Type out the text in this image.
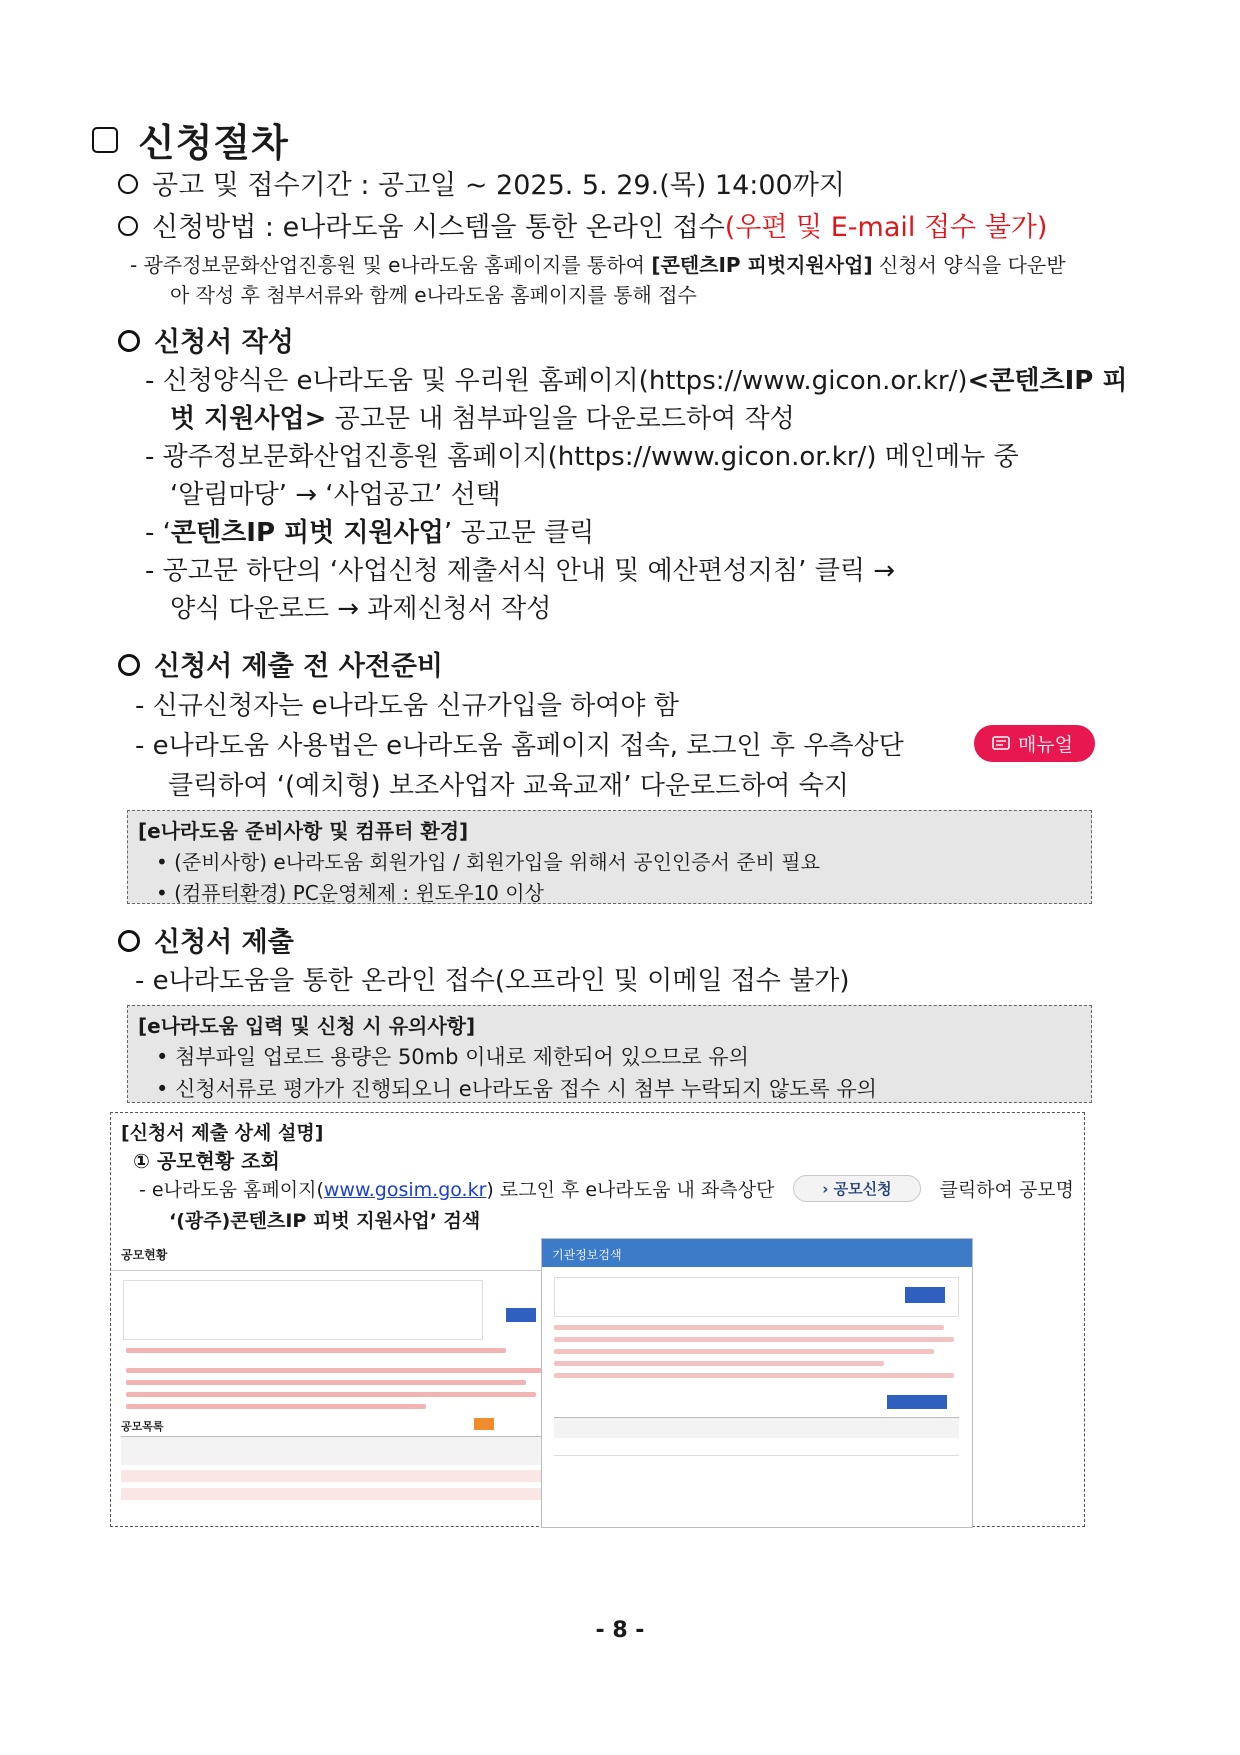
신청절차
공고 및 접수기간 : 공고일 ~ 2025. 5. 29.(목) 14:00까지
신청방법 : e나라도움 시스템을 통한 온라인 접수(우편 및 E-mail 접수 불가)
- 광주정보문화산업진흥원 및 e나라도움 홈페이지를 통하여 [콘텐츠IP 피벗지원사업] 신청서 양식을 다운받
아 작성 후 첨부서류와 함께 e나라도움 홈페이지를 통해 접수
신청서 작성
- 신청양식은 e나라도움 및 우리원 홈페이지(https://www.gicon.or.kr/) <콘텐츠IP 피
벗 지원사업> 공고문 내 첨부파일을 다운로드하여 작성
- 광주정보문화산업진흥원 홈페이지(https://www.gicon.or.kr/) 메인메뉴 중
‘알림마당’ → ‘사업공고’ 선택
- ‘콘텐츠IP 피벗 지원사업’ 공고문 클릭
- 공고문 하단의 ‘사업신청 제출서식 안내 및 예산편성지침’ 클릭 →
양식 다운로드 → 과제신청서 작성
신청서 제출 전 사전준비
- 신규신청자는 e나라도움 신규가입을 하여야 함
- e나라도움 사용법은 e나라도움 홈페이지 접속, 로그인 후 우측상단	매뉴얼
클릭하여 ‘(예치형) 보조사업자 교육교재’ 다운로드하여 숙지
[e나라도움 준비사항 및 컴퓨터 환경]
• (준비사항) e나라도움 회원가입 / 회원가입을 위해서 공인인증서 준비 필요
• (컴퓨터환경) PC운영체제 : 윈도우10 이상
신청서 제출
- e나라도움을 통한 온라인 접수(오프라인 및 이메일 접수 불가)
[e나라도움 입력 및 신청 시 유의사항]
• 첨부파일 업로드 용량은 50mb 이내로 제한되어 있으므로 유의
• 신청서류로 평가가 진행되오니 e나라도움 접수 시 첨부 누락되지 않도록 유의
[신청서 제출 상세 설명]
① 공모현황 조회
- e나라도움 홈페이지(www.gosim.go.kr) 로그인 후 e나라도움 내 좌측상단	› 공모신청	클릭하여 공모명
‘(광주)콘텐츠IP 피벗 지원사업’ 검색
공모현황
공모목록
기관정보검색
- 8 -
